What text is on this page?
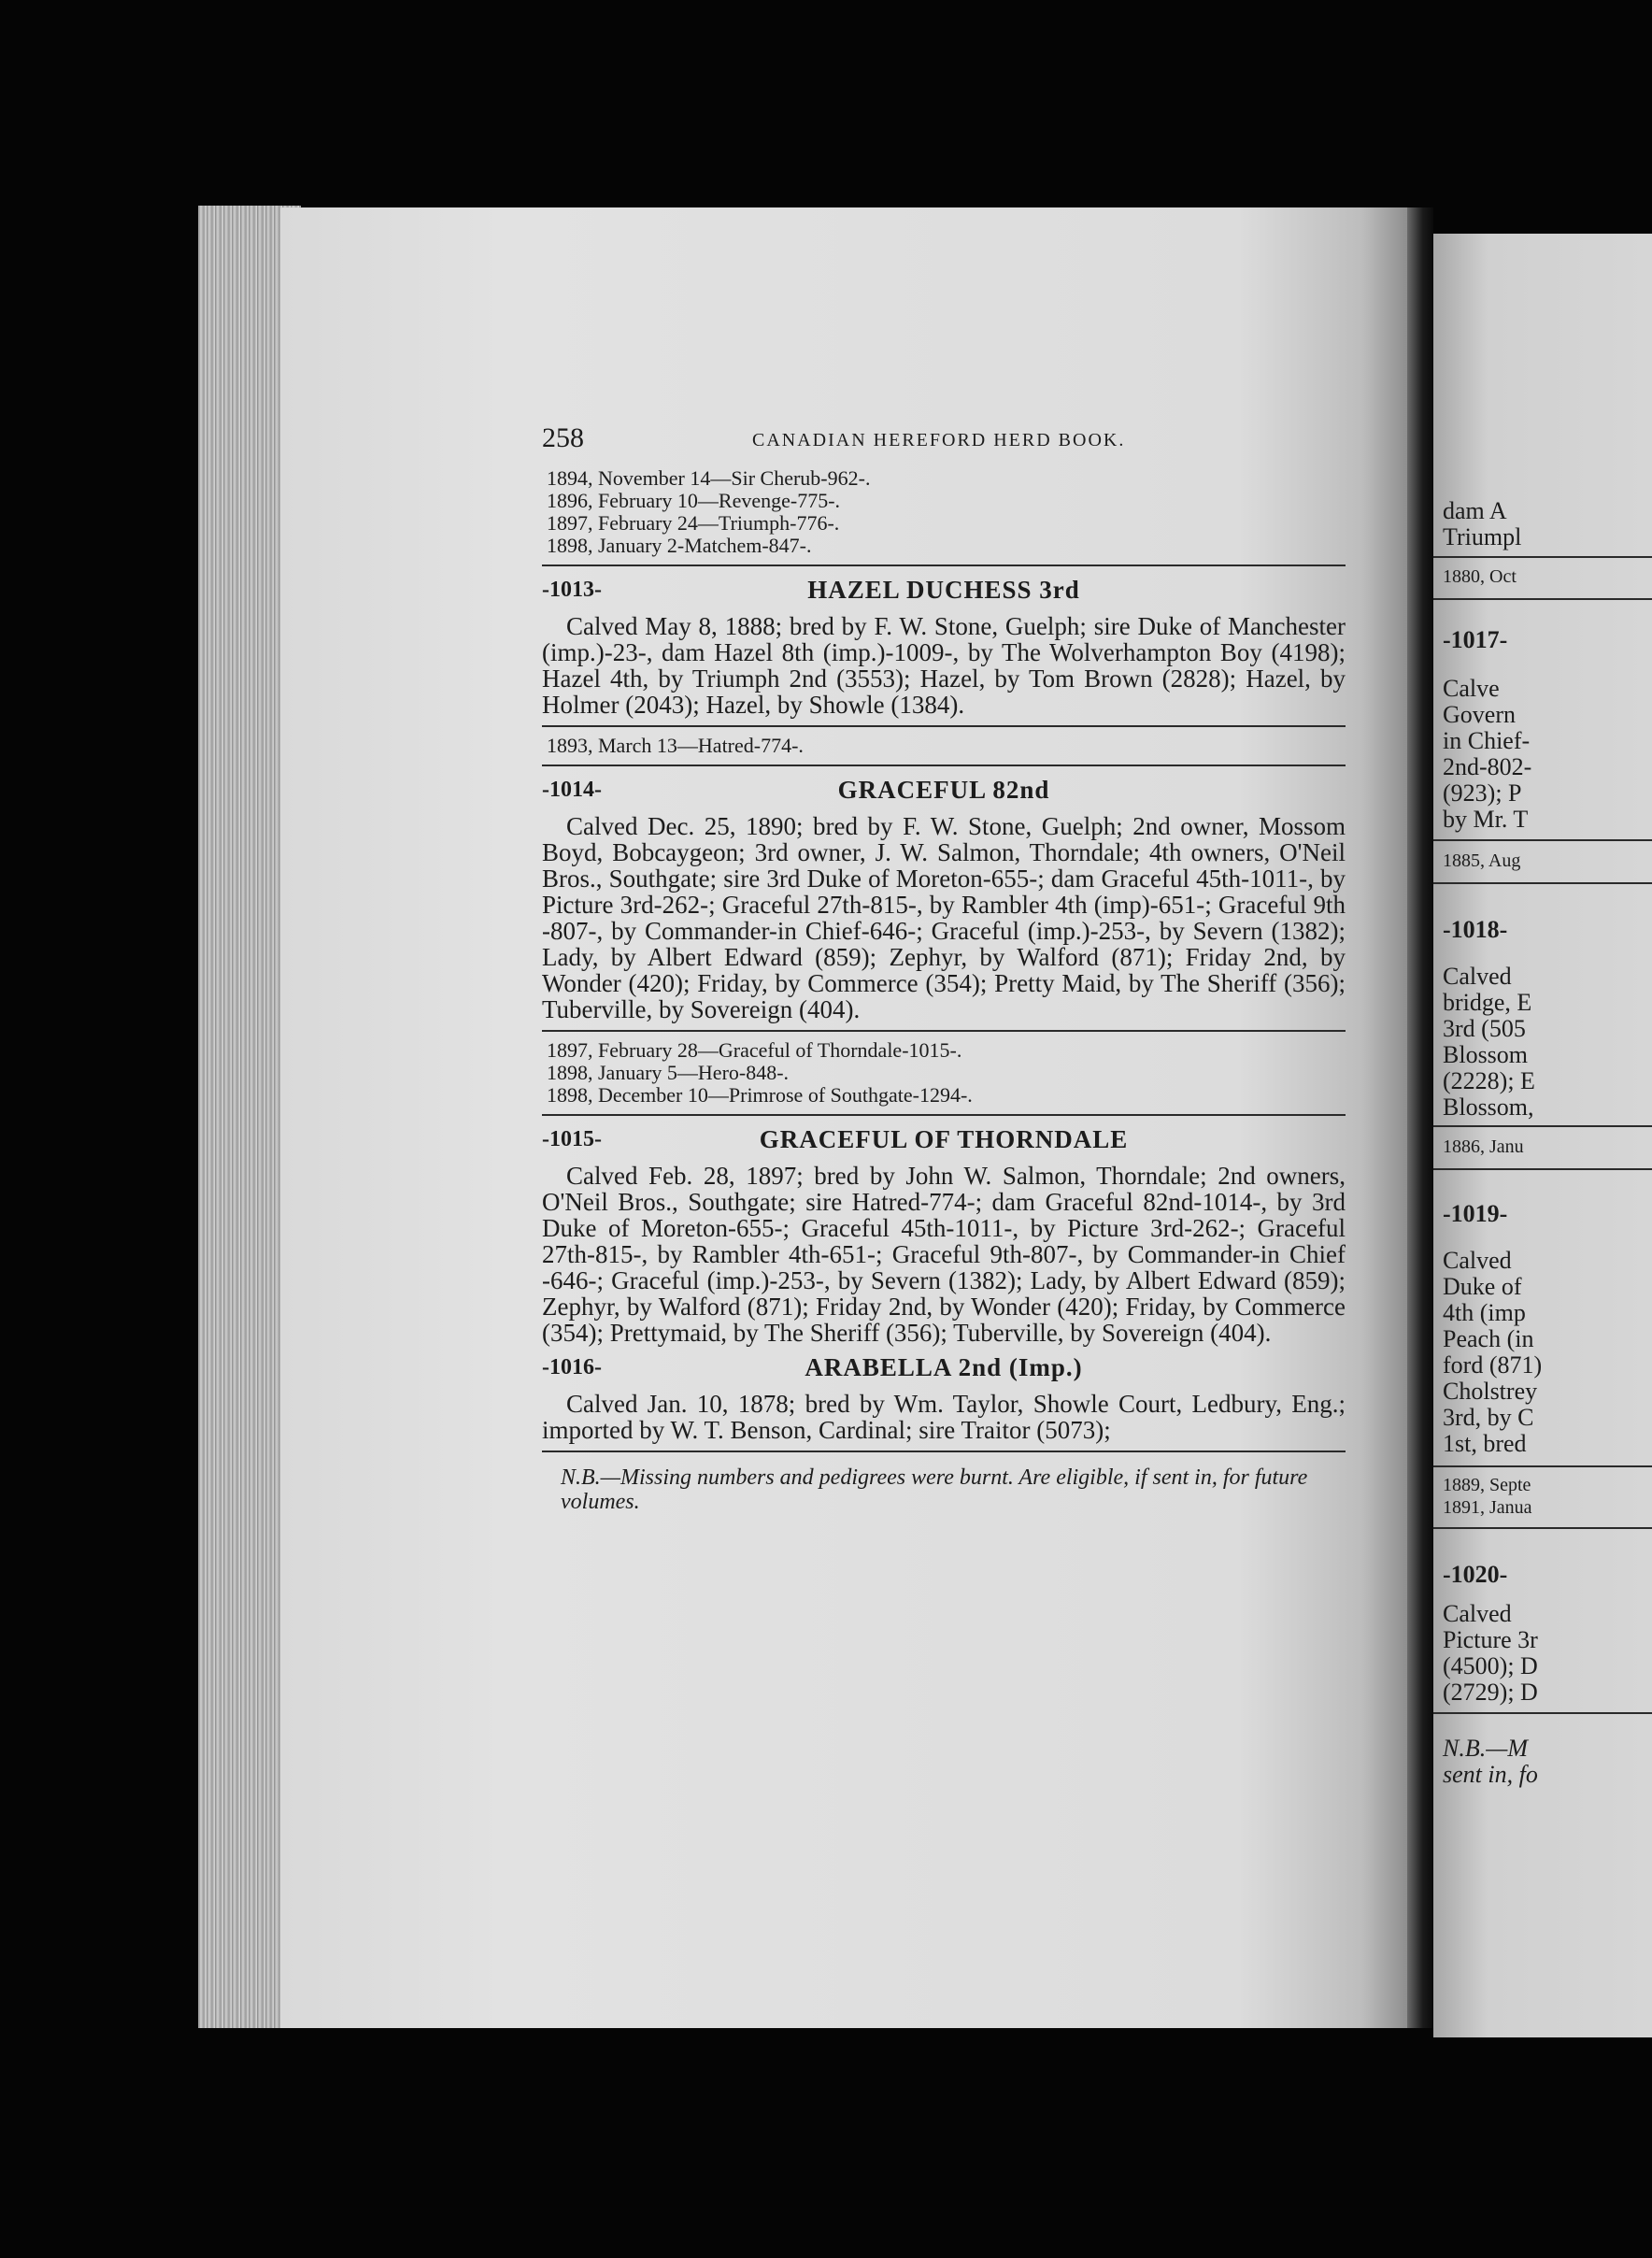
258	CANADIAN HEREFORD HERD BOOK.
1894, November 14—Sir Cherub-962-.
1896, February 10—Revenge-775-.
1897, February 24—Triumph-776-.
1898, January 2-Matchem-847-.
-1013-	HAZEL DUCHESS 3rd
Calved May 8, 1888; bred by F. W. Stone, Guelph; sire Duke of Manchester (imp.)-23-, dam Hazel 8th (imp.)-1009-, by The Wolverhampton Boy (4198); Hazel 4th, by Triumph 2nd (3553); Hazel, by Tom Brown (2828); Hazel, by Holmer (2043); Hazel, by Showle (1384).
1893, March 13—Hatred-774-.
-1014-	GRACEFUL 82nd
Calved Dec. 25, 1890; bred by F. W. Stone, Guelph; 2nd owner, Mossom Boyd, Bobcaygeon; 3rd owner, J. W. Salmon, Thorndale; 4th owners, O'Neil Bros., Southgate; sire 3rd Duke of Moreton-655-; dam Graceful 45th-1011-, by Picture 3rd-262-; Graceful 27th-815-, by Rambler 4th (imp)-651-; Graceful 9th -807-, by Commander-in Chief-646-; Graceful (imp.)-253-, by Severn (1382); Lady, by Albert Edward (859); Zephyr, by Walford (871); Friday 2nd, by Wonder (420); Friday, by Commerce (354); Pretty Maid, by The Sheriff (356); Tuberville, by Sovereign (404).
1897, February 28—Graceful of Thorndale-1015-.
1898, January 5—Hero-848-.
1898, December 10—Primrose of Southgate-1294-.
-1015-	GRACEFUL OF THORNDALE
Calved Feb. 28, 1897; bred by John W. Salmon, Thorndale; 2nd owners, O'Neil Bros., Southgate; sire Hatred-774-; dam Graceful 82nd-1014-, by 3rd Duke of Moreton-655-; Graceful 45th-1011-, by Picture 3rd-262-; Graceful 27th-815-, by Rambler 4th-651-; Graceful 9th-807-, by Commander-in Chief -646-; Graceful (imp.)-253-, by Severn (1382); Lady, by Albert Edward (859); Zephyr, by Walford (871); Friday 2nd, by Wonder (420); Friday, by Commerce (354); Prettymaid, by The Sheriff (356); Tuberville, by Sovereign (404).
-1016-	ARABELLA 2nd (Imp.)
Calved Jan. 10, 1878; bred by Wm. Taylor, Showle Court, Ledbury, Eng.; imported by W. T. Benson, Cardinal; sire Traitor (5073);
N.B.—Missing numbers and pedigrees were burnt. Are eligible, if sent in, for future volumes.
dam A
Triumpl
1880, Oct
-1017-
Calve
Govern
in Chief-
2nd-802-
(923); P
by Mr. T
1885, Aug
-1018-
Calved
bridge, E
3rd (505
Blossom
(2228); E
Blossom,
1886, Janu
-1019-
Calved
Duke of
4th (imp
Peach (in
ford (871)
Cholstrey
3rd, by C
1st, bred
1889, Septe
1891, Janua
-1020-
Calved
Picture 3r
(4500); D
(2729); D
N.B.—M
sent in, fo
